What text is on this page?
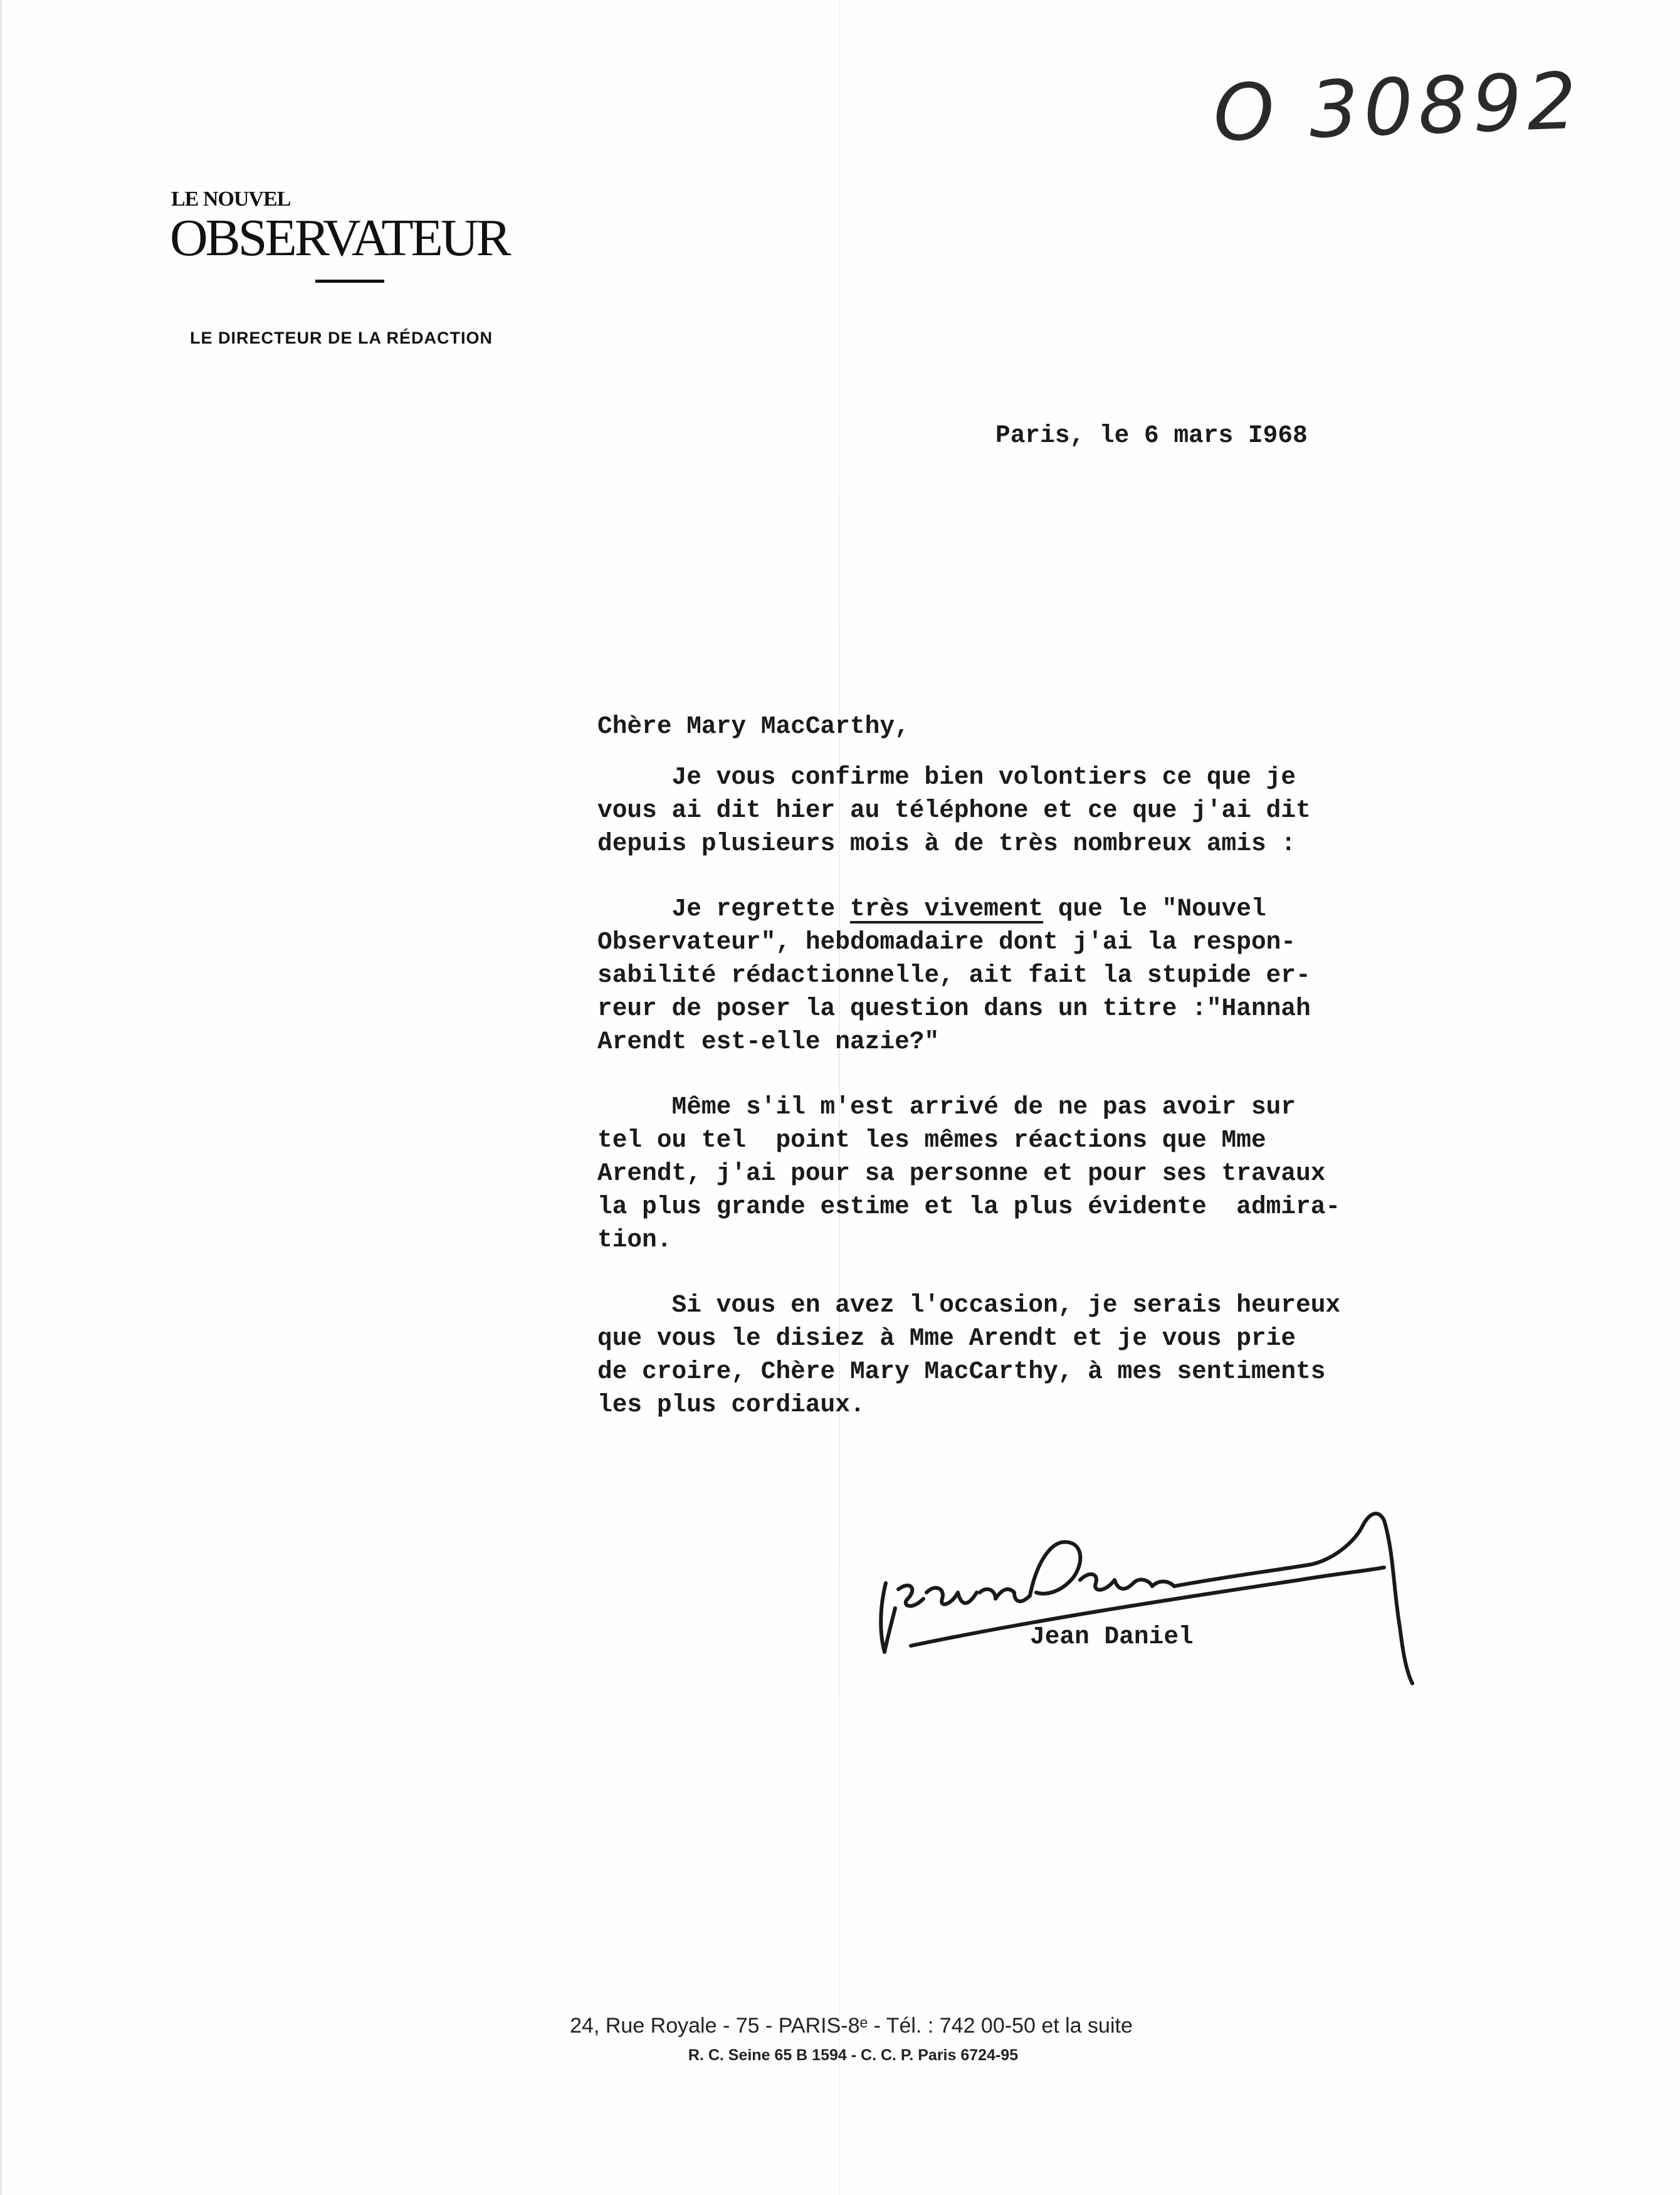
O 30892
LE NOUVEL
OBSERVATEUR
LE DIRECTEUR DE LA RÉDACTION
Paris, le 6 mars I968
Chère Mary MacCarthy,
Je vous confirme bien volontiers ce que je
vous ai dit hier au téléphone et ce que j'ai dit
depuis plusieurs mois à de très nombreux amis :
Je regrette très vivement que le "Nouvel
Observateur", hebdomadaire dont j'ai la respon-
sabilité rédactionnelle, ait fait la stupide er-
reur de poser la question dans un titre :"Hannah
Arendt est-elle nazie?"
Même s'il m'est arrivé de ne pas avoir sur
tel ou tel  point les mêmes réactions que Mme
Arendt, j'ai pour sa personne et pour ses travaux
la plus grande estime et la plus évidente  admira-
tion.
Si vous en avez l'occasion, je serais heureux
que vous le disiez à Mme Arendt et je vous prie
de croire, Chère Mary MacCarthy, à mes sentiments
les plus cordiaux.
Jean Daniel
24, Rue Royale - 75 - PARIS-8ᵉ - Tél. : 742 00-50 et la suite
R. C. Seine 65 B 1594 - C. C. P. Paris 6724-95
